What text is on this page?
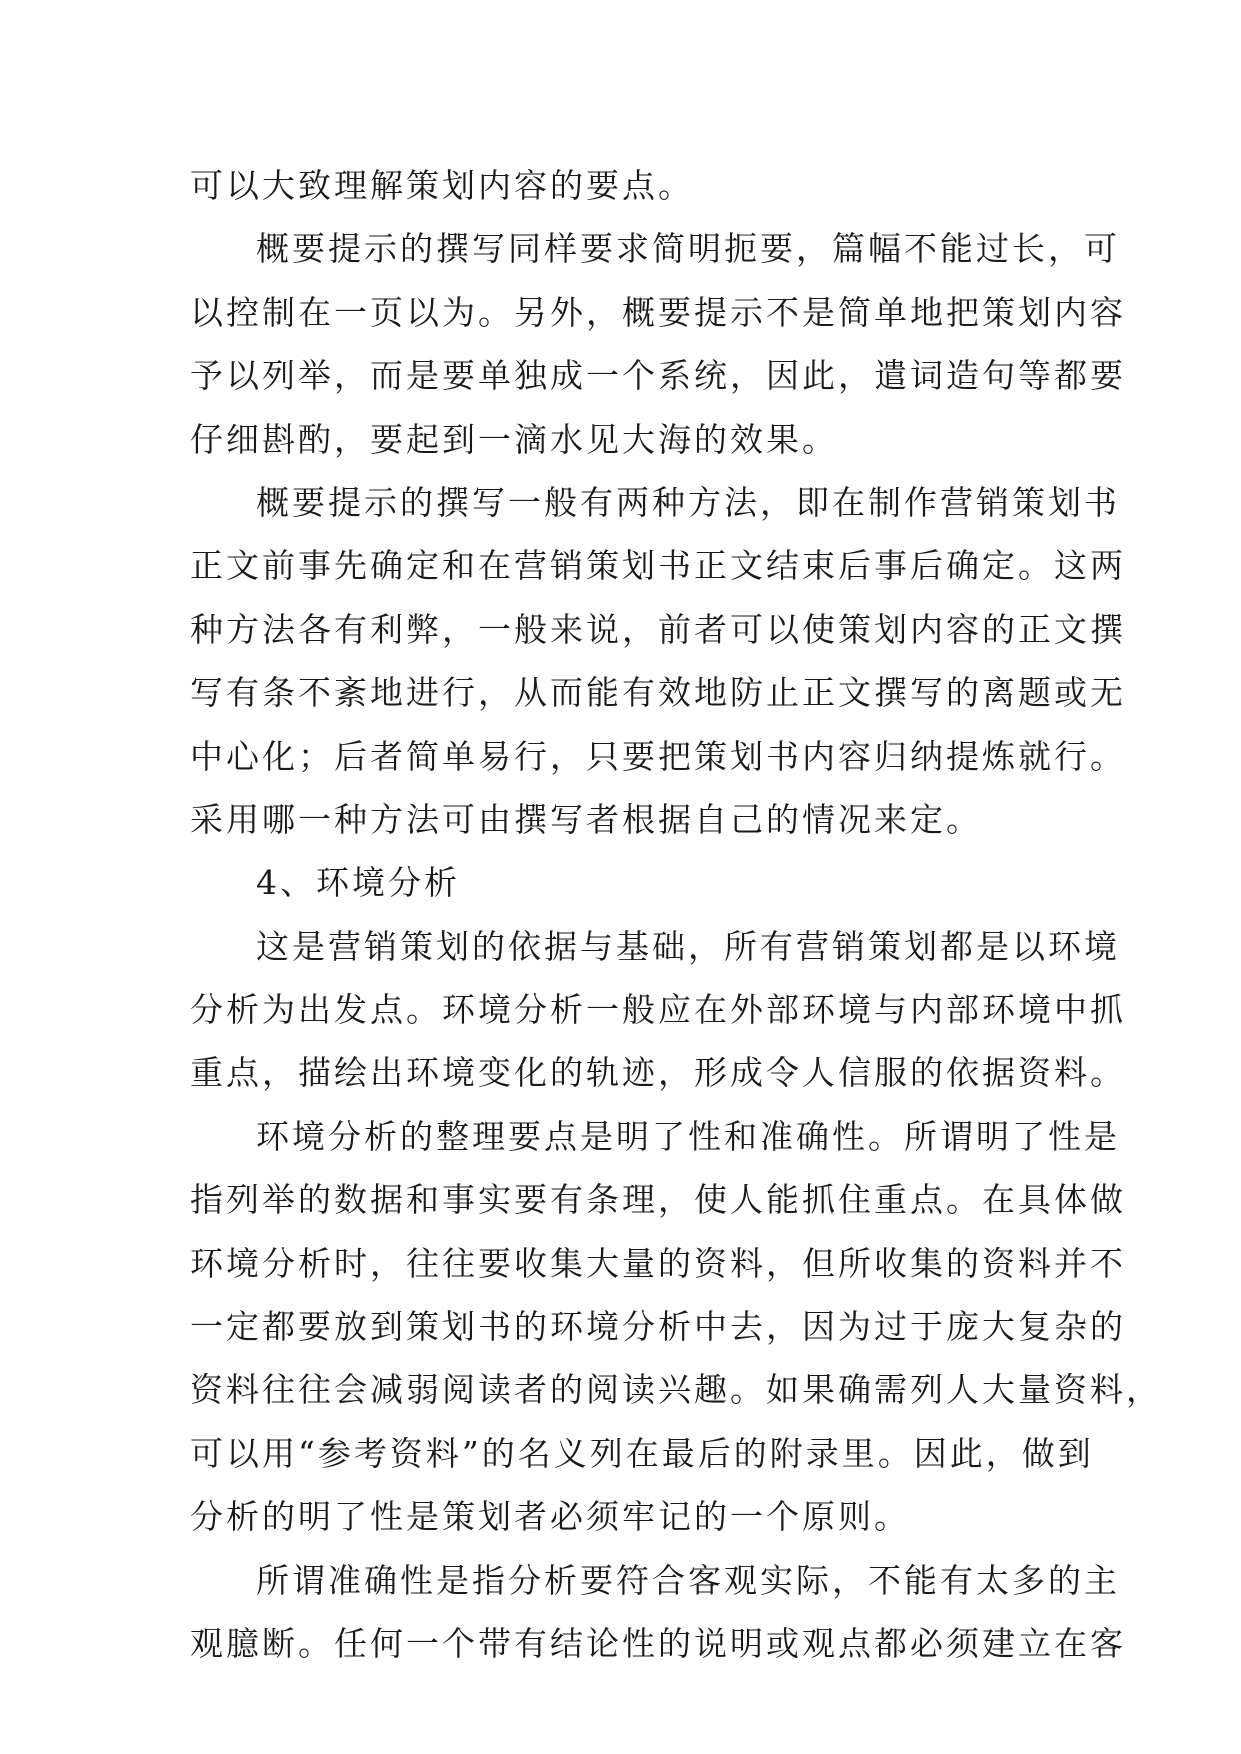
可以大致理解策划内容的要点。
概要提示的撰写同样要求简明扼要，篇幅不能过长，可
以控制在一页以为。另外，概要提示不是简单地把策划内容
予以列举，而是要单独成一个系统，因此，遣词造句等都要
仔细斟酌，要起到一滴水见大海的效果。
概要提示的撰写一般有两种方法，即在制作营销策划书
正文前事先确定和在营销策划书正文结束后事后确定。这两
种方法各有利弊，一般来说，前者可以使策划内容的正文撰
写有条不紊地进行，从而能有效地防止正文撰写的离题或无
中心化；后者简单易行，只要把策划书内容归纳提炼就行。
采用哪一种方法可由撰写者根据自己的情况来定。
4、环境分析
这是营销策划的依据与基础，所有营销策划都是以环境
分析为出发点。环境分析一般应在外部环境与内部环境中抓
重点，描绘出环境变化的轨迹，形成令人信服的依据资料。
环境分析的整理要点是明了性和准确性。所谓明了性是
指列举的数据和事实要有条理，使人能抓住重点。在具体做
环境分析时，往往要收集大量的资料，但所收集的资料并不
一定都要放到策划书的环境分析中去，因为过于庞大复杂的
资料往往会减弱阅读者的阅读兴趣。如果确需列人大量资料，
可以用“参考资料”的名义列在最后的附录里。因此，做到
分析的明了性是策划者必须牢记的一个原则。
所谓准确性是指分析要符合客观实际，不能有太多的主
观臆断。任何一个带有结论性的说明或观点都必须建立在客
